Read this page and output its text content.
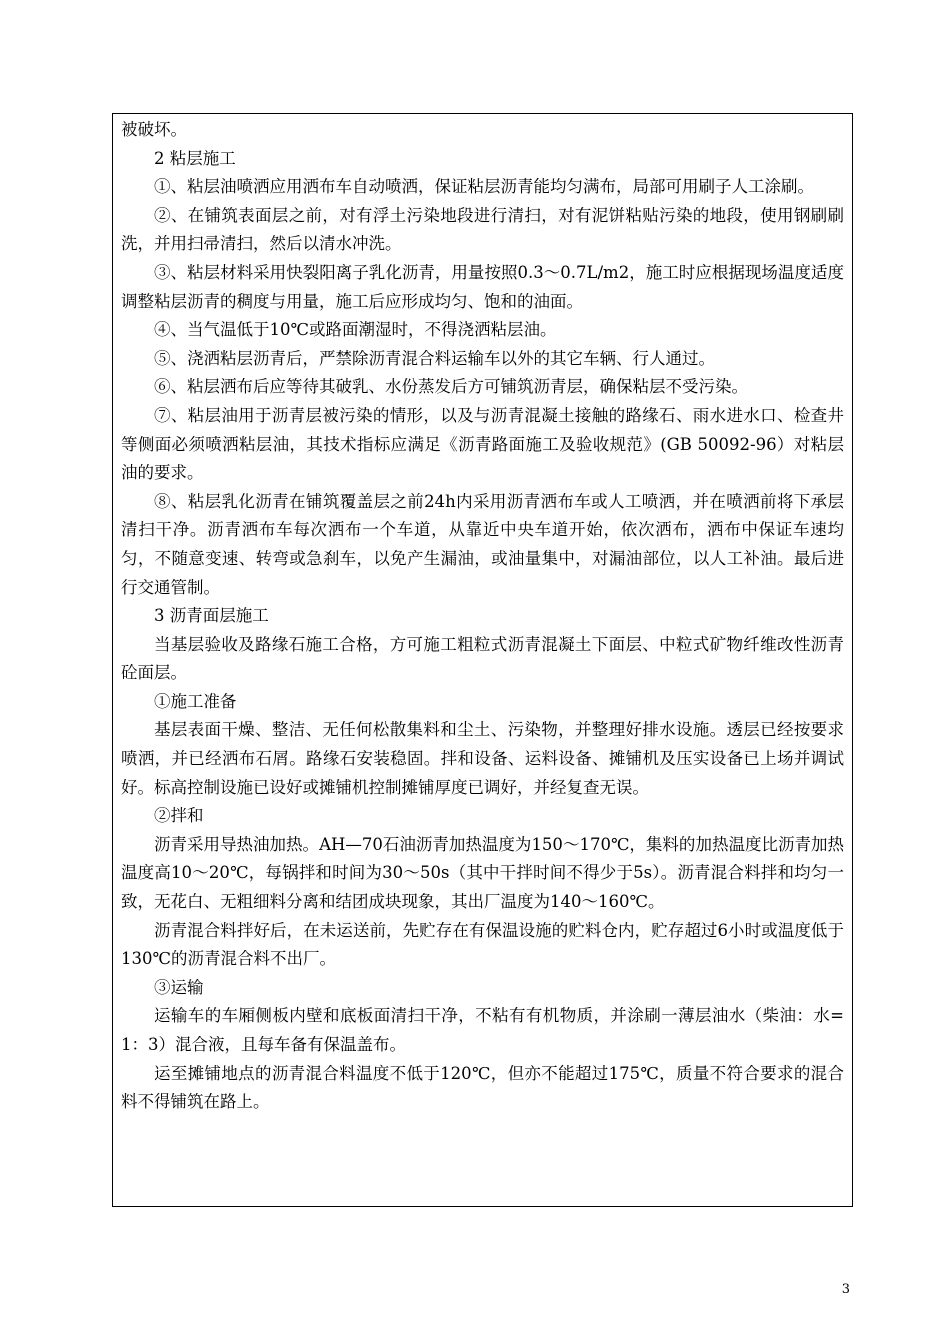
被破坏。

2 粘层施工

①、粘层油喷洒应用洒布车自动喷洒，保证粘层沥青能均匀满布，局部可用刷子人工涂刷。

②、在铺筑表面层之前，对有浮土污染地段进行清扫，对有泥饼粘贴污染的地段，使用钢刷刷洗，并用扫帚清扫，然后以清水冲洗。

③、粘层材料采用快裂阳离子乳化沥青，用量按照0.3～0.7L/m2，施工时应根据现场温度适度调整粘层沥青的稠度与用量，施工后应形成均匀、饱和的油面。

④、当气温低于10℃或路面潮湿时，不得浇洒粘层油。

⑤、浇洒粘层沥青后，严禁除沥青混合料运输车以外的其它车辆、行人通过。

⑥、粘层洒布后应等待其破乳、水份蒸发后方可铺筑沥青层，确保粘层不受污染。

⑦、粘层油用于沥青层被污染的情形，以及与沥青混凝土接触的路缘石、雨水进水口、检查井等侧面必须喷洒粘层油，其技术指标应满足《沥青路面施工及验收规范》(GB 50092-96）对粘层油的要求。

⑧、粘层乳化沥青在铺筑覆盖层之前24h内采用沥青洒布车或人工喷洒，并在喷洒前将下承层清扫干净。沥青洒布车每次洒布一个车道，从靠近中央车道开始，依次洒布，洒布中保证车速均匀，不随意变速、转弯或急刹车，以免产生漏油，或油量集中，对漏油部位，以人工补油。最后进行交通管制。

3 沥青面层施工

当基层验收及路缘石施工合格，方可施工粗粒式沥青混凝土下面层、中粒式矿物纤维改性沥青砼面层。

①施工准备

基层表面干燥、整洁、无任何松散集料和尘土、污染物，并整理好排水设施。透层已经按要求喷洒，并已经洒布石屑。路缘石安装稳固。拌和设备、运料设备、摊铺机及压实设备已上场并调试好。标高控制设施已设好或摊铺机控制摊铺厚度已调好，并经复查无误。

②拌和

沥青采用导热油加热。AH—70石油沥青加热温度为150～170℃，集料的加热温度比沥青加热温度高10～20℃，每锅拌和时间为30～50s（其中干拌时间不得少于5s）。沥青混合料拌和均匀一致，无花白、无粗细料分离和结团成块现象，其出厂温度为140～160℃。

沥青混合料拌好后，在未运送前，先贮存在有保温设施的贮料仓内，贮存超过6小时或温度低于130℃的沥青混合料不出厂。

③运输

运输车的车厢侧板内壁和底板面清扫干净，不粘有有机物质，并涂刷一薄层油水（柴油：水=1：3）混合液，且每车备有保温盖布。

运至摊铺地点的沥青混合料温度不低于120℃，但亦不能超过175℃，质量不符合要求的混合料不得铺筑在路上。

3
